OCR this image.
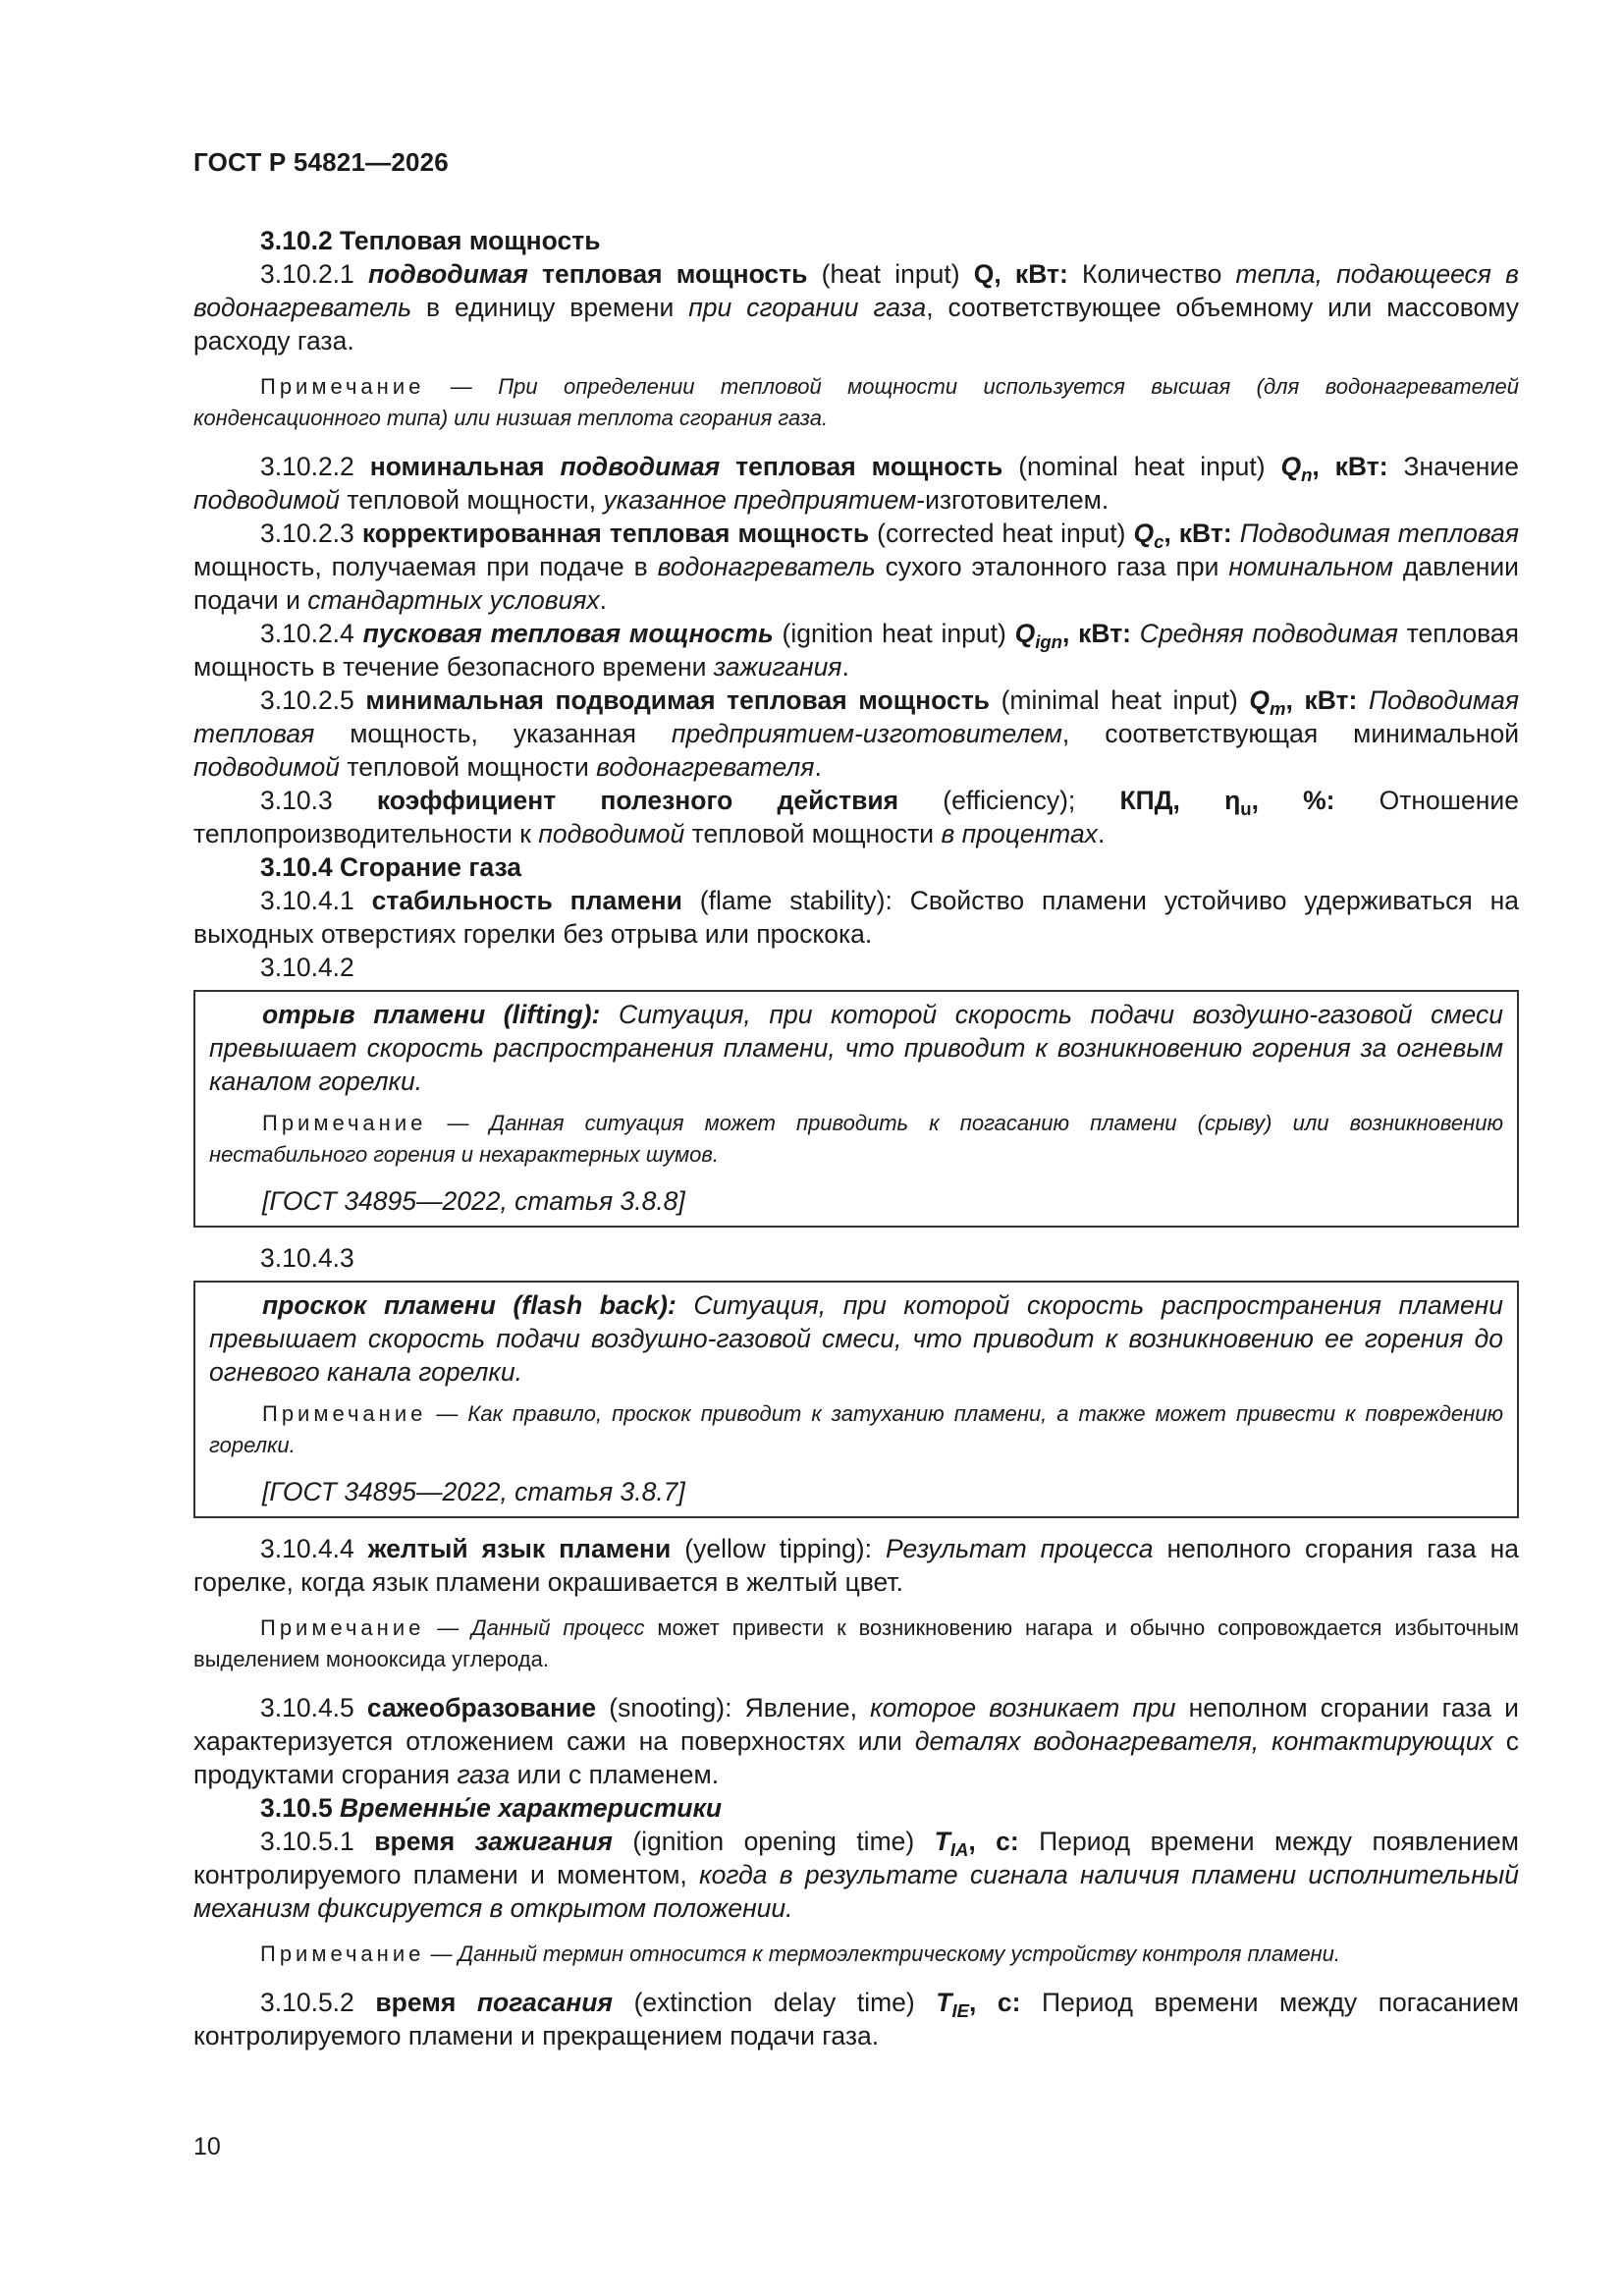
ГОСТ Р 54821—2026

3.10.2 Тепловая мощность

3.10.2.1 подводимая тепловая мощность (heat input) Q, кВт: Количество тепла, подающееся в водонагреватель в единицу времени при сгорании газа, соответствующее объемному или массовому расходу газа.

Примечание — При определении тепловой мощности используется высшая (для водонагревателей конденсационного типа) или низшая теплота сгорания газа.

3.10.2.2 номинальная подводимая тепловая мощность (nominal heat input) $Q_n$, кВт: Значение подводимой тепловой мощности, указанное предприятием-изготовителем.

3.10.2.3 корректированная тепловая мощность (corrected heat input) $Q_c$, кВт: Подводимая тепловая мощность, получаемая при подаче в водонагреватель сухого эталонного газа при номинальном давлении подачи и стандартных условиях.

3.10.2.4 пусковая тепловая мощность (ignition heat input) $Q_{ign}$, кВт: Средняя подводимая тепловая мощность в течение безопасного времени зажигания.

3.10.2.5 минимальная подводимая тепловая мощность (minimal heat input) $Q_m$, кВт: Подводимая тепловая мощность, указанная предприятием-изготовителем, соответствующая минимальной подводимой тепловой мощности водонагревателя.

3.10.3 коэффициент полезного действия (efficiency); КПД, $\eta_u$, %: Отношение теплопроизводительности к подводимой тепловой мощности в процентах.

3.10.4 Сгорание газа

3.10.4.1 стабильность пламени (flame stability): Свойство пламени устойчиво удерживаться на выходных отверстиях горелки без отрыва или проскока.

3.10.4.2

отрыв пламени (lifting): Ситуация, при которой скорость подачи воздушно-газовой смеси превышает скорость распространения пламени, что приводит к возникновению горения за огневым каналом горелки.

Примечание — Данная ситуация может приводить к погасанию пламени (срыву) или возникновению нестабильного горения и нехарактерных шумов.

[ГОСТ 34895—2022, статья 3.8.8]

3.10.4.3

проскок пламени (flash back): Ситуация, при которой скорость распространения пламени превышает скорость подачи воздушно-газовой смеси, что приводит к возникновению ее горения до огневого канала горелки.

Примечание — Как правило, проскок приводит к затуханию пламени, а также может привести к повреждению горелки.

[ГОСТ 34895—2022, статья 3.8.7]

3.10.4.4 желтый язык пламени (yellow tipping): Результат процесса неполного сгорания газа на горелке, когда язык пламени окрашивается в желтый цвет.

Примечание — Данный процесс может привести к возникновению нагара и обычно сопровождается избыточным выделением монооксида углерода.

3.10.4.5 сажеобразование (snooting): Явление, которое возникает при неполном сгорании газа и характеризуется отложением сажи на поверхностях или деталях водонагревателя, контактирующих с продуктами сгорания газа или с пламенем.

3.10.5 Временны́е характеристики

3.10.5.1 время зажигания (ignition opening time) $T_{IA}$, с: Период времени между появлением контролируемого пламени и моментом, когда в результате сигнала наличия пламени исполнительный механизм фиксируется в открытом положении.

Примечание — Данный термин относится к термоэлектрическому устройству контроля пламени.

3.10.5.2 время погасания (extinction delay time) $T_{IE}$, с: Период времени между погасанием контролируемого пламени и прекращением подачи газа.

10
